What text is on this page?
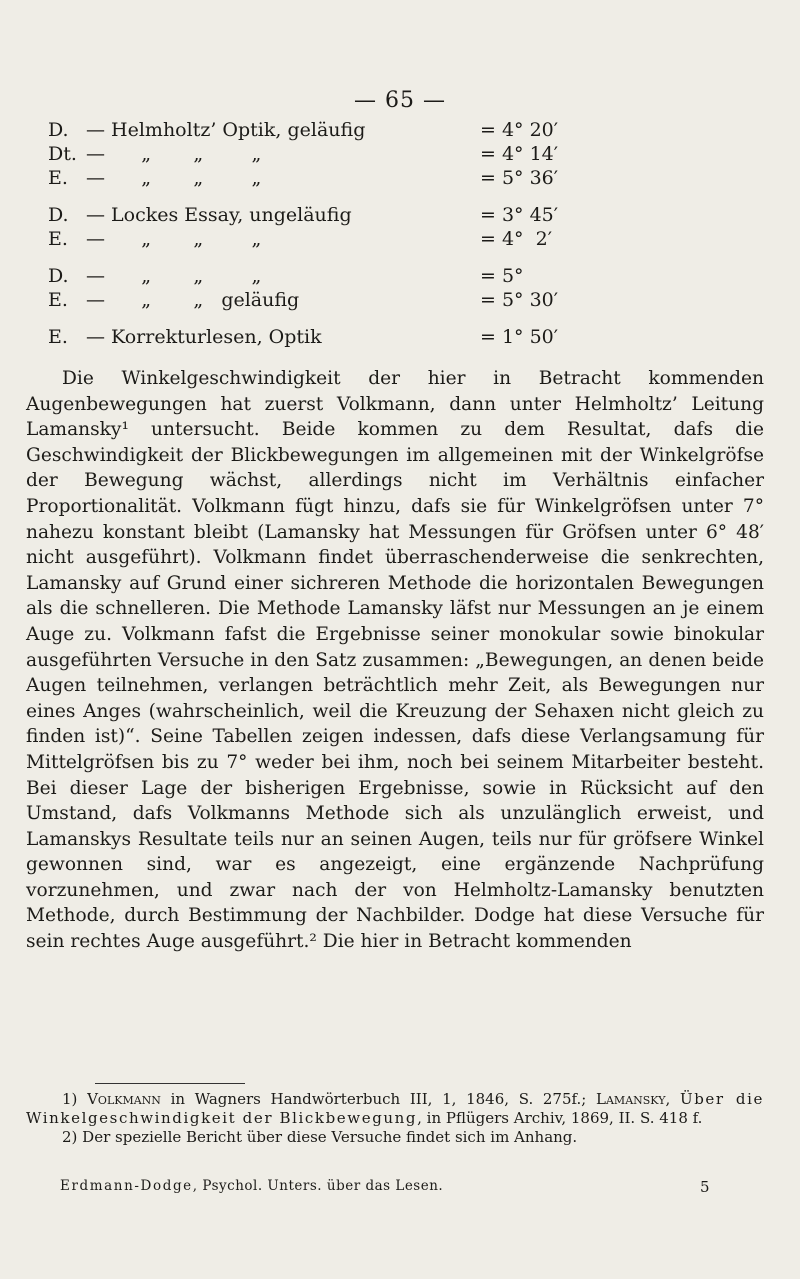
— 65 —
D. — Helmholtz’ Optik, geläufig	= 4° 20′
Dt. —      „       „        „	= 4° 14′
E. —      „       „        „	= 5° 36′
D. — Lockes Essay, ungeläufig	= 3° 45′
E. —      „       „        „	= 4°  2′
D. —      „       „        „	= 5°
E. —      „       „   geläufig	= 5° 30′
E. — Korrekturlesen, Optik	= 1° 50′

Die Winkelgeschwindigkeit der hier in Betracht kommenden Augenbewegungen hat zuerst Volkmann, dann unter Helmholtz’ Leitung Lamansky¹ untersucht. Beide kommen zu dem Resultat, dafs die Geschwindigkeit der Blickbewegungen im allgemeinen mit der Winkelgröfse der Bewegung wächst, allerdings nicht im Verhältnis einfacher Proportionalität. Volkmann fügt hinzu, dafs sie für Winkelgröfsen unter 7° nahezu konstant bleibt (Lamansky hat Messungen für Gröfsen unter 6° 48′ nicht ausgeführt). Volkmann findet überraschenderweise die senkrechten, Lamansky auf Grund einer sichreren Methode die horizontalen Bewegungen als die schnelleren. Die Methode Lamansky läfst nur Messungen an je einem Auge zu. Volkmann fafst die Ergebnisse seiner monokular sowie binokular ausgeführten Versuche in den Satz zusammen: „Bewegungen, an denen beide Augen teilnehmen, verlangen beträchtlich mehr Zeit, als Bewegungen nur eines Anges (wahrscheinlich, weil die Kreuzung der Sehaxen nicht gleich zu finden ist)“. Seine Tabellen zeigen indessen, dafs diese Verlangsamung für Mittelgröfsen bis zu 7° weder bei ihm, noch bei seinem Mitarbeiter besteht. Bei dieser Lage der bisherigen Ergebnisse, sowie in Rücksicht auf den Umstand, dafs Volkmanns Methode sich als unzulänglich erweist, und Lamanskys Resultate teils nur an seinen Augen, teils nur für gröfsere Winkel gewonnen sind, war es angezeigt, eine ergänzende Nachprüfung vorzunehmen, und zwar nach der von Helmholtz-Lamansky benutzten Methode, durch Bestimmung der Nachbilder. Dodge hat diese Versuche für sein rechtes Auge ausgeführt.² Die hier in Betracht kommenden

1) Volkmann in Wagners Handwörterbuch III, 1, 1846, S. 275f.; Lamansky, Über die Winkelgeschwindigkeit der Blickbewegung, in Pflügers Archiv, 1869, II. S. 418 f.

2) Der spezielle Bericht über diese Versuche findet sich im Anhang.

Erdmann-Dodge, Psychol. Unters. über das Lesen.	5
